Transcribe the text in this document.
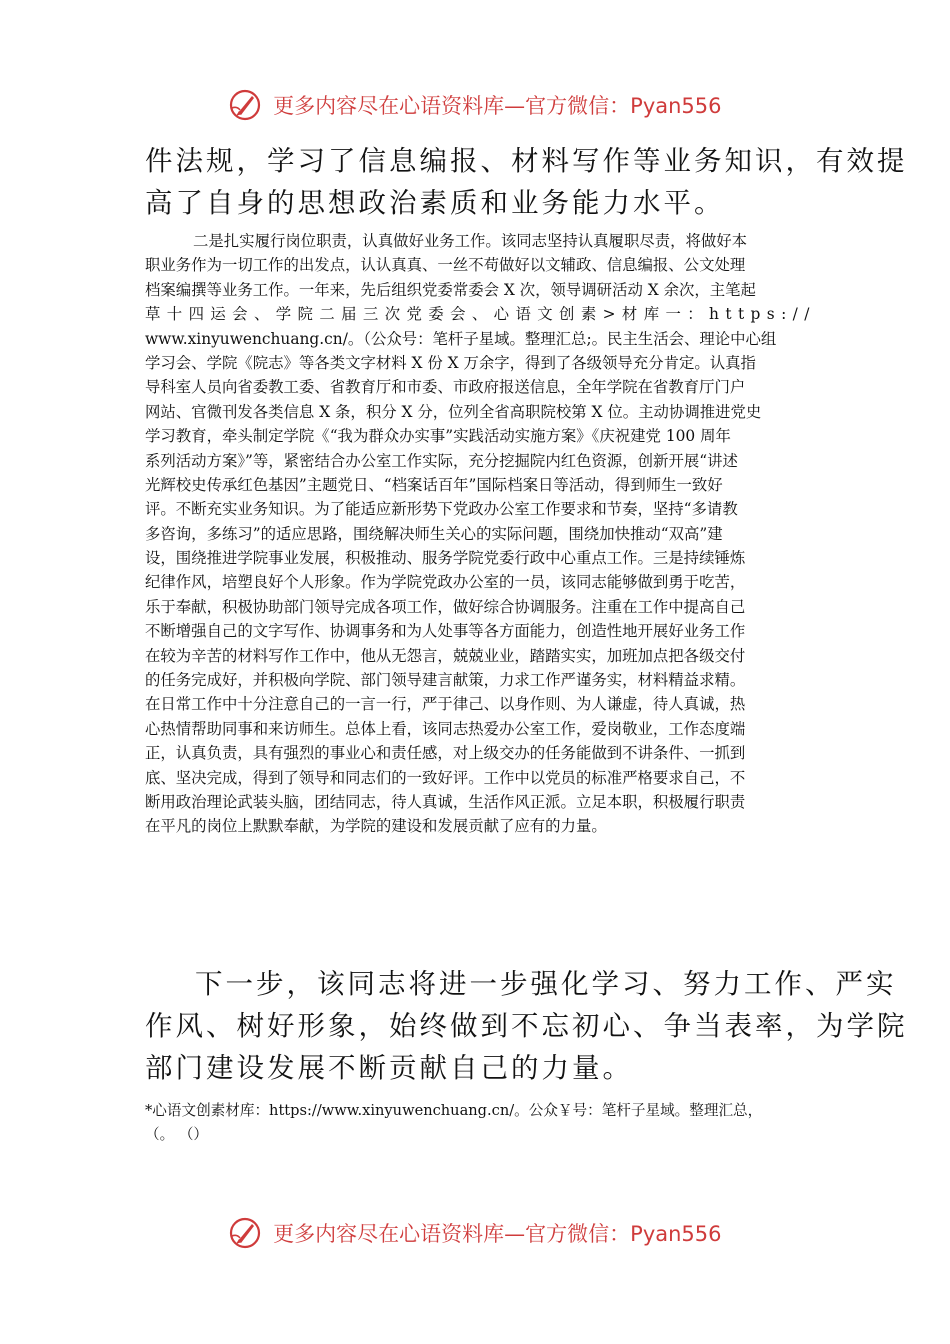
更多内容尽在心语资料库—官方微信：Pyan556
件法规，学习了信息编报、材料写作等业务知识，有效提
高了自身的思想政治素质和业务能力水平。
二是扎实履行岗位职责，认真做好业务工作。该同志坚持认真履职尽责，将做好本
职业务作为一切工作的出发点，认认真真、一丝不苟做好以文辅政、信息编报、公文处理
档案编撰等业务工作。一年来，先后组织党委常委会 X 次，领导调研活动 X 余次，主笔起
草十四运会、学院二届三次党委会、心语文创素>材库一：https://
www.xinyuwenchuang.cn/。（公众号：笔杆子星域。整理汇总;。民主生活会、理论中心组
学习会、学院《院志》等各类文字材料 X 份 X 万余字，得到了各级领导充分肯定。认真指
导科室人员向省委教工委、省教育厅和市委、市政府报送信息，全年学院在省教育厅门户
网站、官微刊发各类信息 X 条，积分 X 分，位列全省高职院校第 X 位。主动协调推进党史
学习教育，牵头制定学院《“我为群众办实事”实践活动实施方案》《庆祝建党 100 周年
系列活动方案》”等，紧密结合办公室工作实际，充分挖掘院内红色资源，创新开展“讲述
光辉校史传承红色基因”主题党日、“档案话百年”国际档案日等活动，得到师生一致好
评。不断充实业务知识。为了能适应新形势下党政办公室工作要求和节奏，坚持“多请教
多咨询，多练习”的适应思路，围绕解决师生关心的实际问题，围绕加快推动“双高”建
设，围绕推进学院事业发展，积极推动、服务学院党委行政中心重点工作。三是持续锤炼
纪律作风，培塑良好个人形象。作为学院党政办公室的一员，该同志能够做到勇于吃苦，
乐于奉献，积极协助部门领导完成各项工作，做好综合协调服务。注重在工作中提高自己
不断增强自己的文字写作、协调事务和为人处事等各方面能力，创造性地开展好业务工作
在较为辛苦的材料写作工作中，他从无怨言，兢兢业业，踏踏实实，加班加点把各级交付
的任务完成好，并积极向学院、部门领导建言献策，力求工作严谨务实，材料精益求精。
在日常工作中十分注意自己的一言一行，严于律己、以身作则、为人谦虚，待人真诚，热
心热情帮助同事和来访师生。总体上看，该同志热爱办公室工作，爱岗敬业，工作态度端
正，认真负责，具有强烈的事业心和责任感，对上级交办的任务能做到不讲条件、一抓到
底、坚决完成，得到了领导和同志们的一致好评。工作中以党员的标准严格要求自己，不
断用政治理论武装头脑，团结同志，待人真诚，生活作风正派。立足本职，积极履行职责
在平凡的岗位上默默奉献，为学院的建设和发展贡献了应有的力量。
下一步，该同志将进一步强化学习、努力工作、严实
作风、树好形象，始终做到不忘初心、争当表率，为学院
部门建设发展不断贡献自己的力量。
*心语文创素材库：https://www.xinyuwenchuang.cn/。公众￥号：笔杆子星域。整理汇总，
（。 （）
更多内容尽在心语资料库—官方微信：Pyan556
